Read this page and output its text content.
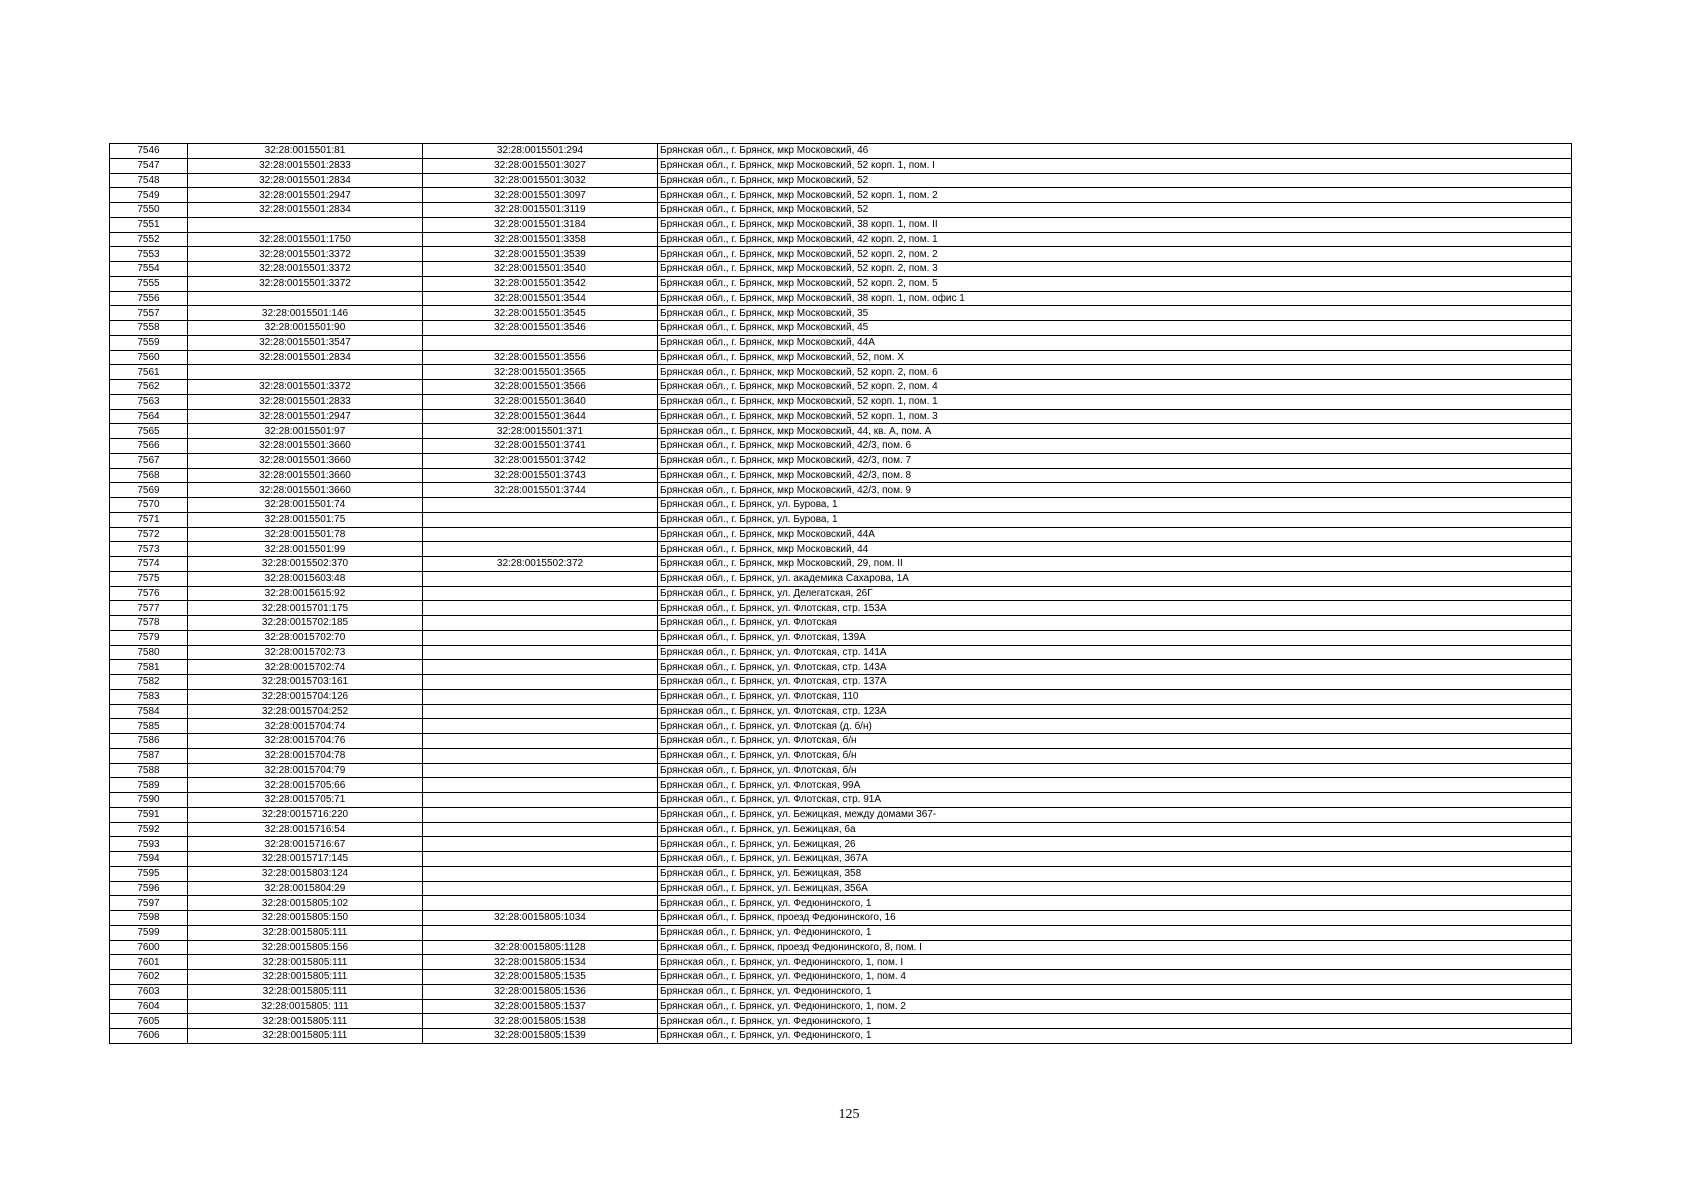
7546	32:28:0015501:81	32:28:0015501:294	Брянская обл., г. Брянск, мкр Московский, 46
7547	32:28:0015501:2833	32:28:0015501:3027	Брянская обл., г. Брянск, мкр Московский, 52 корп. 1, пом. I
7548	32:28:0015501:2834	32:28:0015501:3032	Брянская обл., г. Брянск, мкр Московский, 52
7549	32:28:0015501:2947	32:28:0015501:3097	Брянская обл., г. Брянск, мкр Московский, 52 корп. 1, пом. 2
7550	32:28:0015501:2834	32:28:0015501:3119	Брянская обл., г. Брянск, мкр Московский, 52
7551		32:28:0015501:3184	Брянская обл., г. Брянск, мкр Московский, 38 корп. 1, пом. II
7552	32:28:0015501:1750	32:28:0015501:3358	Брянская обл., г. Брянск, мкр Московский, 42 корп. 2, пом. 1
7553	32:28:0015501:3372	32:28:0015501:3539	Брянская обл., г. Брянск, мкр Московский, 52 корп. 2, пом. 2
7554	32:28:0015501:3372	32:28:0015501:3540	Брянская обл., г. Брянск, мкр Московский, 52 корп. 2, пом. 3
7555	32:28:0015501:3372	32:28:0015501:3542	Брянская обл., г. Брянск, мкр Московский, 52 корп. 2, пом. 5
7556		32:28:0015501:3544	Брянская обл., г. Брянск, мкр Московский, 38 корп. 1, пом. офис 1
7557	32:28:0015501:146	32:28:0015501:3545	Брянская обл., г. Брянск, мкр Московский, 35
7558	32:28:0015501:90	32:28:0015501:3546	Брянская обл., г. Брянск, мкр Московский, 45
7559	32:28:0015501:3547		Брянская обл., г. Брянск, мкр Московский, 44А
7560	32:28:0015501:2834	32:28:0015501:3556	Брянская обл., г. Брянск, мкр Московский, 52, пом. X
7561		32:28:0015501:3565	Брянская обл., г. Брянск, мкр Московский, 52 корп. 2, пом. 6
7562	32:28:0015501:3372	32:28:0015501:3566	Брянская обл., г. Брянск, мкр Московский, 52 корп. 2, пом. 4
7563	32:28:0015501:2833	32:28:0015501:3640	Брянская обл., г. Брянск, мкр Московский, 52 корп. 1, пом. 1
7564	32:28:0015501:2947	32:28:0015501:3644	Брянская обл., г. Брянск, мкр Московский, 52 корп. 1, пом. 3
7565	32:28:0015501:97	32:28:0015501:371	Брянская обл., г. Брянск, мкр Московский, 44, кв. А, пом. А
7566	32:28:0015501:3660	32:28:0015501:3741	Брянская обл., г. Брянск, мкр Московский, 42/3, пом. 6
7567	32:28:0015501:3660	32:28:0015501:3742	Брянская обл., г. Брянск, мкр Московский, 42/3, пом. 7
7568	32:28:0015501:3660	32:28:0015501:3743	Брянская обл., г. Брянск, мкр Московский, 42/3, пом. 8
7569	32:28:0015501:3660	32:28:0015501:3744	Брянская обл., г. Брянск, мкр Московский, 42/3, пом. 9
7570	32:28:0015501:74		Брянская обл., г. Брянск, ул. Бурова, 1
7571	32:28:0015501:75		Брянская обл., г. Брянск, ул. Бурова, 1
7572	32:28:0015501:78		Брянская обл., г. Брянск, мкр Московский, 44А
7573	32:28:0015501:99		Брянская обл., г. Брянск, мкр Московский, 44
7574	32:28:0015502:370	32:28:0015502:372	Брянская обл., г. Брянск, мкр Московский, 29, пом. II
7575	32:28:0015603:48		Брянская обл., г. Брянск, ул. академика Сахарова, 1А
7576	32:28:0015615:92		Брянская обл., г. Брянск, ул. Делегатская, 26Г
7577	32:28:0015701:175		Брянская обл., г. Брянск, ул. Флотская, стр. 153А
7578	32:28:0015702:185		Брянская обл., г. Брянск, ул. Флотская
7579	32:28:0015702:70		Брянская обл., г. Брянск, ул. Флотская, 139А
7580	32:28:0015702:73		Брянская обл., г. Брянск, ул. Флотская, стр. 141А
7581	32:28:0015702:74		Брянская обл., г. Брянск, ул. Флотская, стр. 143А
7582	32:28:0015703:161		Брянская обл., г. Брянск, ул. Флотская, стр. 137А
7583	32:28:0015704:126		Брянская обл., г. Брянск, ул. Флотская, 110
7584	32:28:0015704:252		Брянская обл., г. Брянск, ул. Флотская, стр. 123А
7585	32:28:0015704:74		Брянская обл., г. Брянск, ул. Флотская (д. б/н)
7586	32:28:0015704:76		Брянская обл., г. Брянск, ул. Флотская, б/н
7587	32:28:0015704:78		Брянская обл., г. Брянск, ул. Флотская, б/н
7588	32:28:0015704:79		Брянская обл., г. Брянск, ул. Флотская, б/н
7589	32:28:0015705:66		Брянская обл., г. Брянск, ул. Флотская, 99А
7590	32:28:0015705:71		Брянская обл., г. Брянск, ул. Флотская, стр. 91А
7591	32:28:0015716:220		Брянская обл., г. Брянск, ул. Бежицкая, между домами 367-
7592	32:28:0015716:54		Брянская обл., г. Брянск, ул. Бежицкая, 6а
7593	32:28:0015716:67		Брянская обл., г. Брянск, ул. Бежицкая, 26
7594	32:28:0015717:145		Брянская обл., г. Брянск, ул. Бежицкая, 367А
7595	32:28:0015803:124		Брянская обл., г. Брянск, ул. Бежицкая, 358
7596	32:28:0015804:29		Брянская обл., г. Брянск, ул. Бежицкая, 356А
7597	32:28:0015805:102		Брянская обл., г. Брянск, ул. Федюнинского, 1
7598	32:28:0015805:150	32:28:0015805:1034	Брянская обл., г. Брянск, проезд Федюнинского, 16
7599	32:28:0015805:111		Брянская обл., г. Брянск, ул. Федюнинского, 1
7600	32:28:0015805:156	32:28:0015805:1128	Брянская обл., г. Брянск, проезд Федюнинского, 8, пом. I
7601	32:28:0015805:111	32:28:0015805:1534	Брянская обл., г. Брянск, ул. Федюнинского, 1, пом. I
7602	32:28:0015805:111	32:28:0015805:1535	Брянская обл., г. Брянск, ул. Федюнинского, 1, пом. 4
7603	32:28:0015805:111	32:28:0015805:1536	Брянская обл., г. Брянск, ул. Федюнинского, 1
7604	32:28:0015805: 111	32:28:0015805:1537	Брянская обл., г. Брянск, ул. Федюнинского, 1, пом. 2
7605	32:28:0015805:111	32:28:0015805:1538	Брянская обл., г. Брянск, ул. Федюнинского, 1
7606	32:28:0015805:111	32:28:0015805:1539	Брянская обл., г. Брянск, ул. Федюнинского, 1
125
